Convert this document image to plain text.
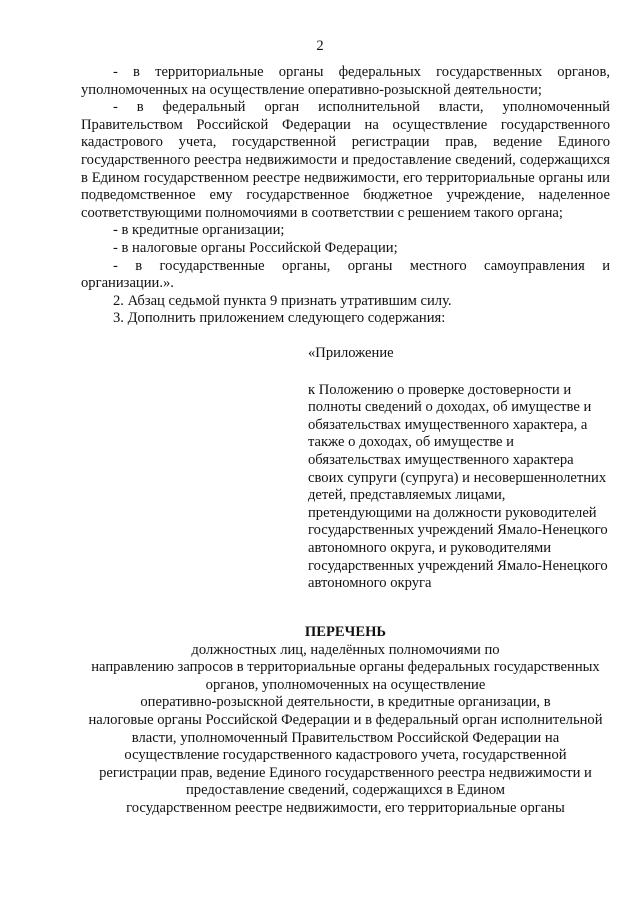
2

- в территориальные органы федеральных государственных органов, уполномоченных на осуществление оперативно-розыскной деятельности;

- в федеральный орган исполнительной власти, уполномоченный Правительством Российской Федерации на осуществление государственного кадастрового учета, государственной регистрации прав, ведение Единого государственного реестра недвижимости и предоставление сведений, содержащихся в Едином государственном реестре недвижимости, его территориальные органы или подведомственное ему государственное бюджетное учреждение, наделенное соответствующими полномочиями в соответствии с решением такого органа;

- в кредитные организации;

- в налоговые органы Российской Федерации;

- в государственные органы, органы местного самоуправления и организации.».

2. Абзац седьмой пункта 9 признать утратившим силу.

3. Дополнить приложением следующего содержания:

«Приложение

к Положению о проверке достоверности и полноты сведений о доходах, об имуществе и обязательствах имущественного характера, а также о доходах, об имуществе и обязательствах имущественного характера своих супруги (супруга) и несовершеннолетних детей, представляемых лицами, претендующими на должности руководителей государственных учреждений Ямало-Ненецкого автономного округа, и руководителями государственных учреждений Ямало-Ненецкого автономного округа

ПЕРЕЧЕНЬ

должностных лиц, наделённых полномочиями по

направлению запросов в территориальные органы федеральных государственных

органов, уполномоченных на осуществление

оперативно-розыскной деятельности, в кредитные организации, в

налоговые органы Российской Федерации и в федеральный орган исполнительной

власти, уполномоченный Правительством Российской Федерации на

осуществление государственного кадастрового учета, государственной

регистрации прав, ведение Единого государственного реестра недвижимости и

предоставление сведений, содержащихся в Едином

государственном реестре недвижимости, его территориальные органы
